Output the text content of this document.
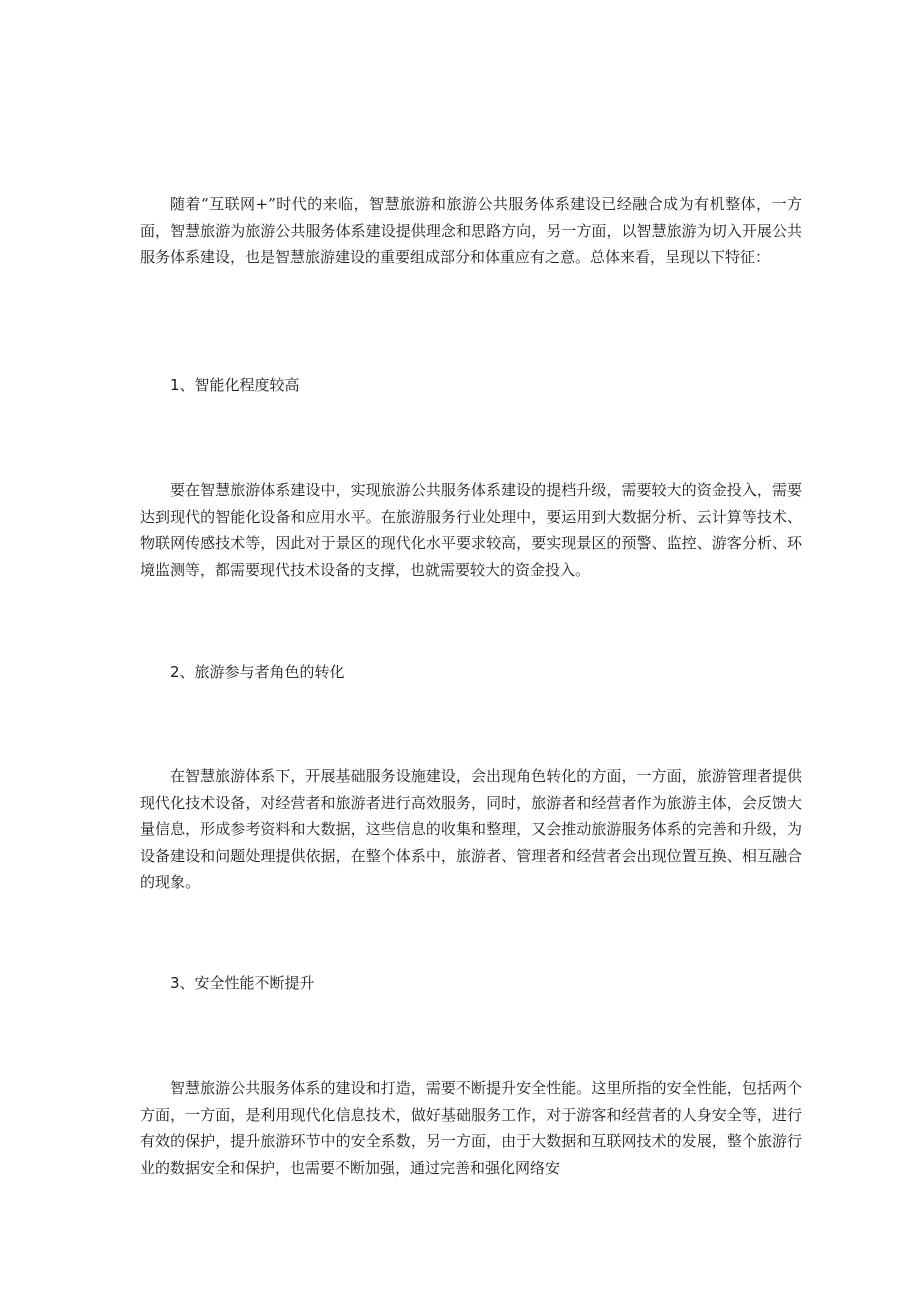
随着“互联网+”时代的来临，智慧旅游和旅游公共服务体系建设已经融合成为有机整体，一方面，智慧旅游为旅游公共服务体系建设提供理念和思路方向，另一方面，以智慧旅游为切入开展公共服务体系建设，也是智慧旅游建设的重要组成部分和体重应有之意。总体来看，呈现以下特征：

1、智能化程度较高

要在智慧旅游体系建设中，实现旅游公共服务体系建设的提档升级，需要较大的资金投入，需要达到现代的智能化设备和应用水平。在旅游服务行业处理中，要运用到大数据分析、云计算等技术、物联网传感技术等，因此对于景区的现代化水平要求较高，要实现景区的预警、监控、游客分析、环境监测等，都需要现代技术设备的支撑，也就需要较大的资金投入。

2、旅游参与者角色的转化

在智慧旅游体系下，开展基础服务设施建设，会出现角色转化的方面，一方面，旅游管理者提供现代化技术设备，对经营者和旅游者进行高效服务，同时，旅游者和经营者作为旅游主体，会反馈大量信息，形成参考资料和大数据，这些信息的收集和整理，又会推动旅游服务体系的完善和升级，为设备建设和问题处理提供依据，在整个体系中，旅游者、管理者和经营者会出现位置互换、相互融合的现象。

3、安全性能不断提升

智慧旅游公共服务体系的建设和打造，需要不断提升安全性能。这里所指的安全性能，包括两个方面，一方面，是利用现代化信息技术，做好基础服务工作，对于游客和经营者的人身安全等，进行有效的保护，提升旅游环节中的安全系数，另一方面，由于大数据和互联网技术的发展，整个旅游行业的数据安全和保护，也需要不断加强，通过完善和强化网络安
